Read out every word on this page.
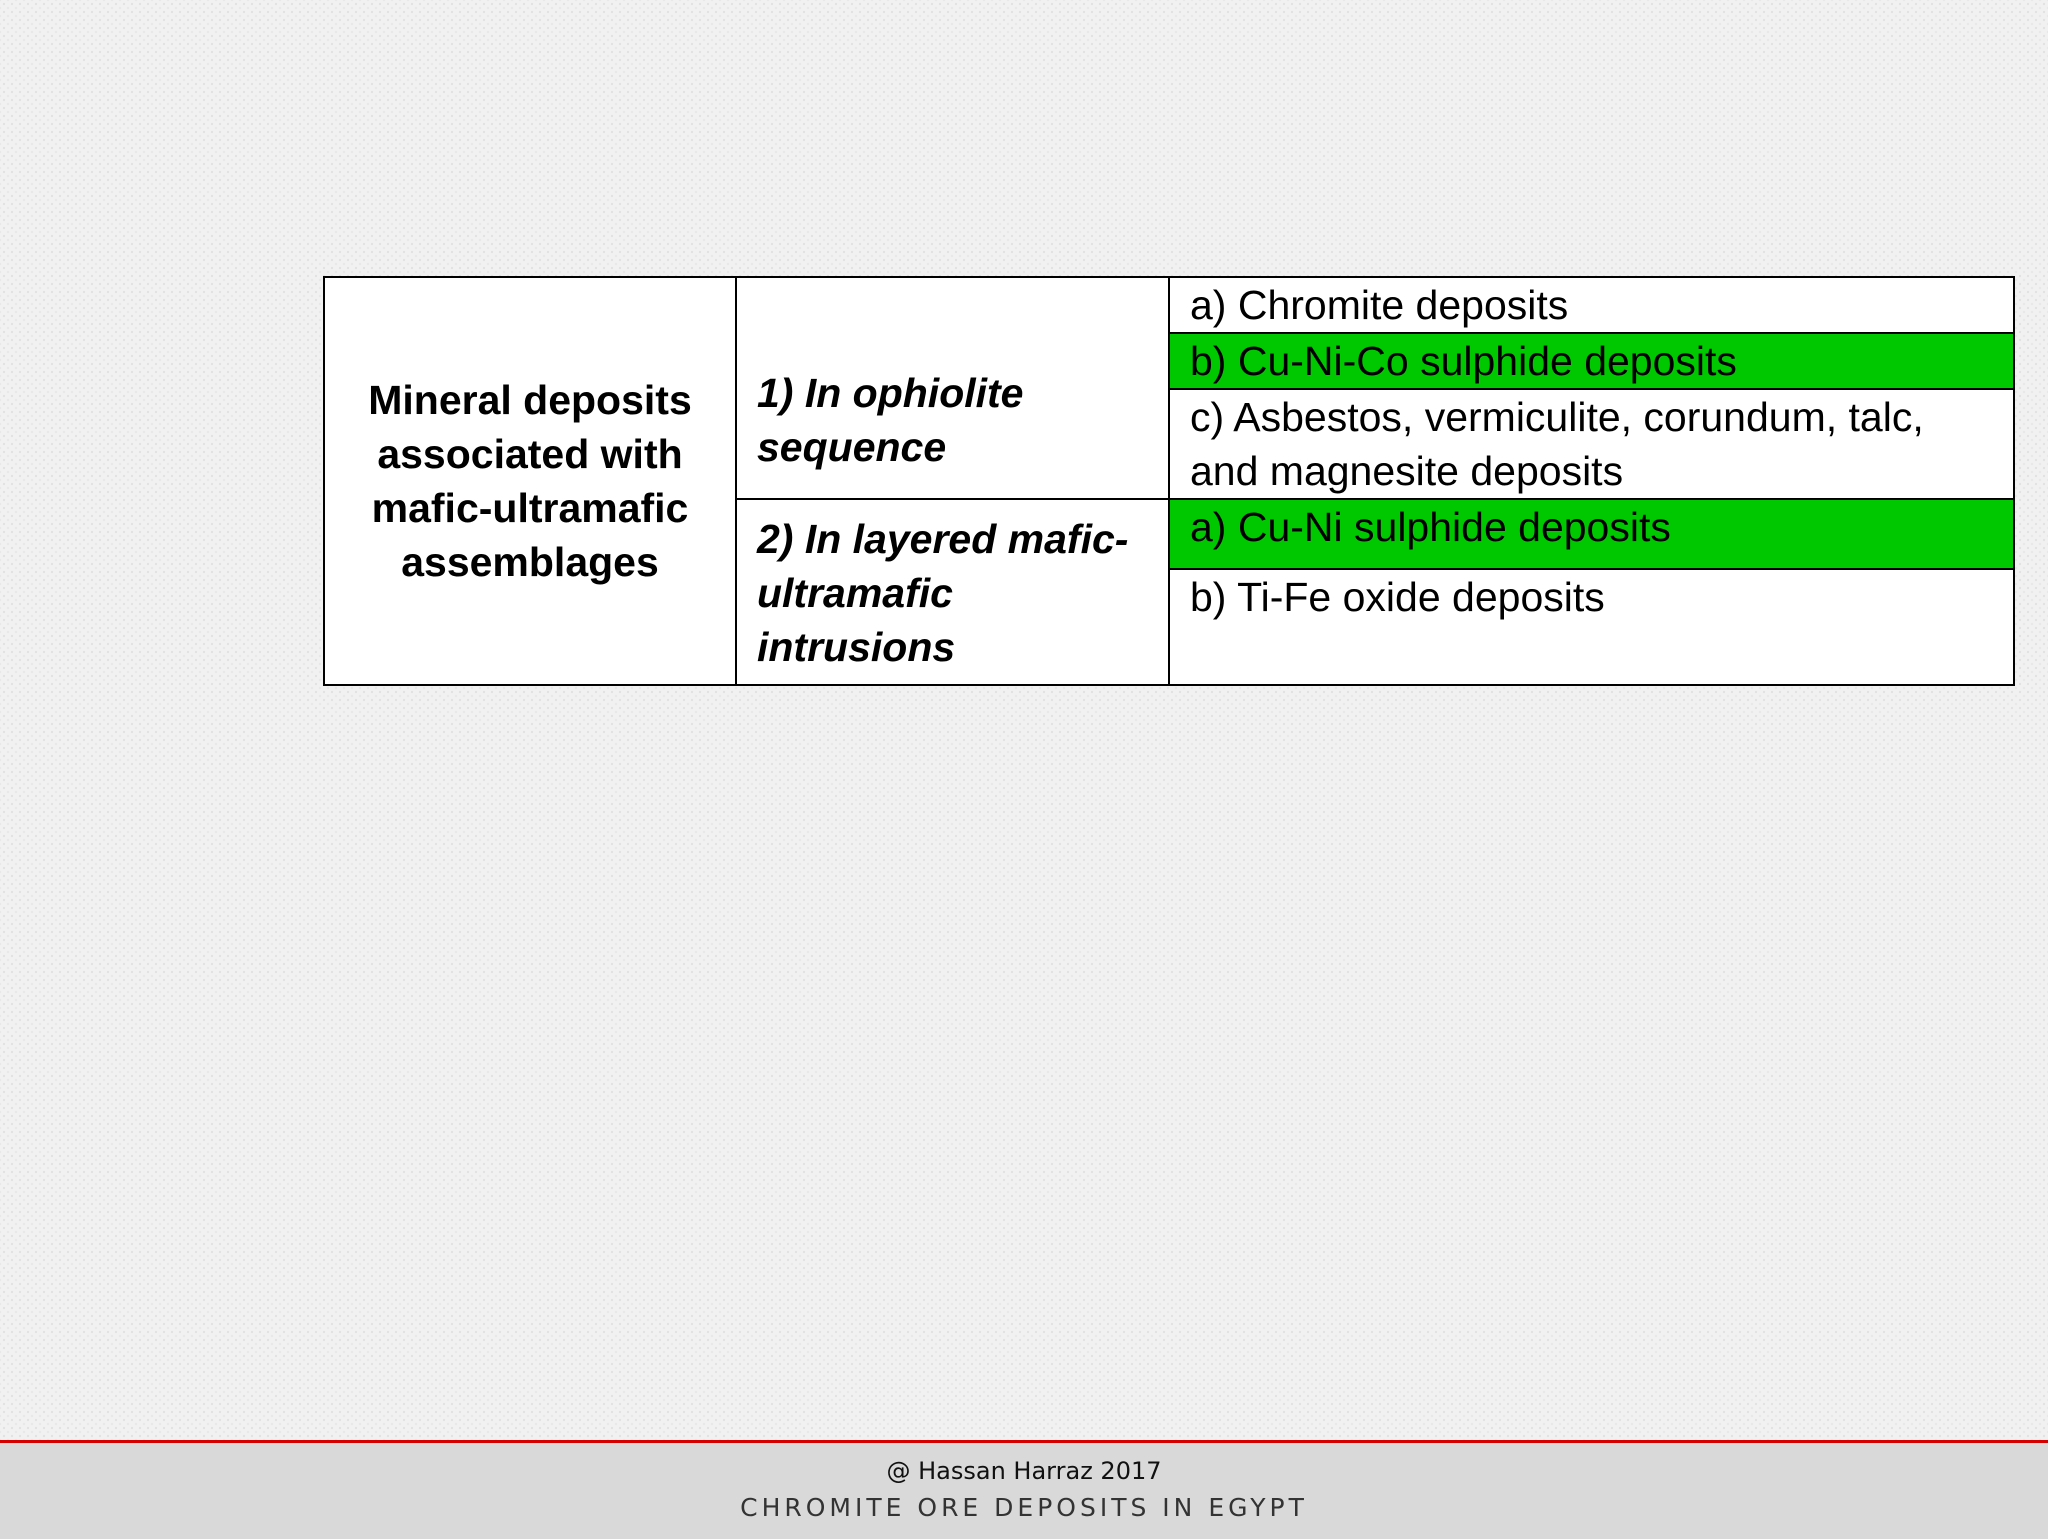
Mineral deposits associated with mafic-ultramafic assemblages	1) In ophiolite sequence	a) Chromite deposits
		b) Cu-Ni-Co sulphide deposits
		c) Asbestos, vermiculite, corundum, talc, and magnesite deposits
	2) In layered mafic-ultramafic intrusions	a) Cu-Ni sulphide deposits
		b) Ti-Fe oxide deposits
@ Hassan Harraz 2017
CHROMITE ORE DEPOSITS IN EGYPT
